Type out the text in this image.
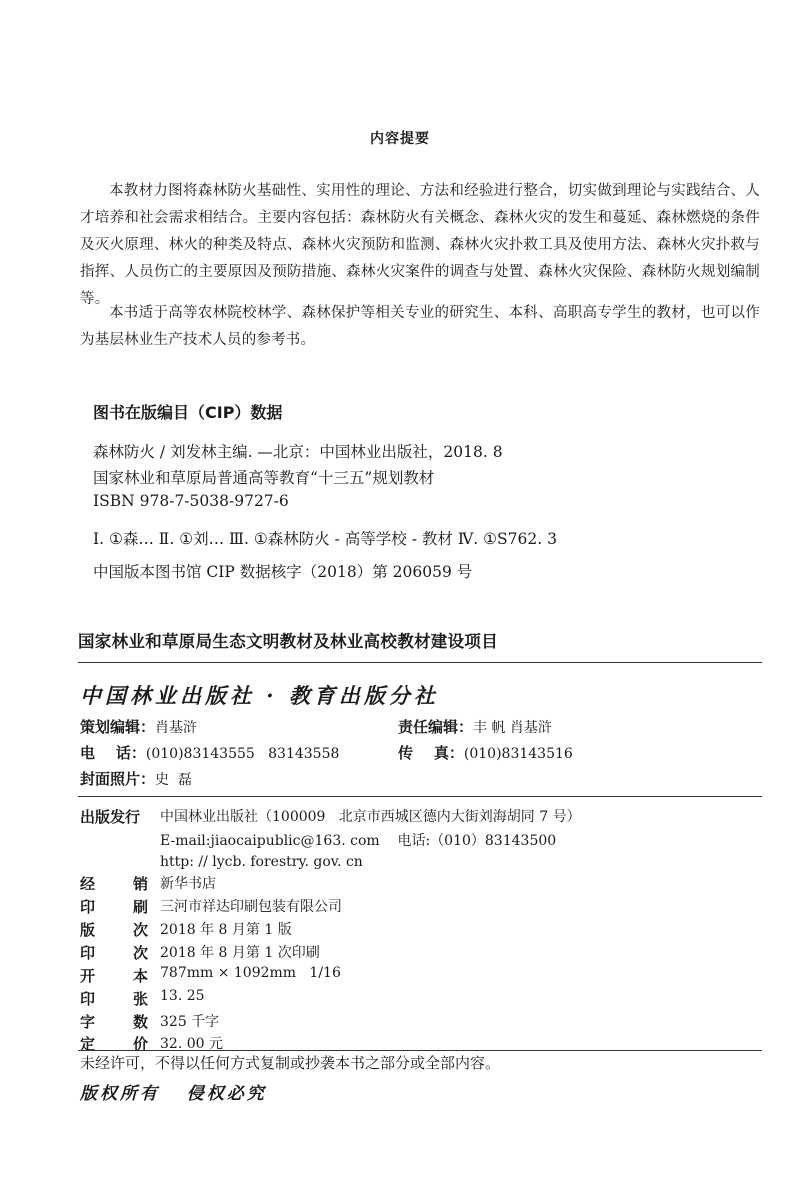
内容提要
本教材力图将森林防火基础性、实用性的理论、方法和经验进行整合，切实做到理论与实践结合、人才培养和社会需求相结合。主要内容包括：森林防火有关概念、森林火灾的发生和蔓延、森林燃烧的条件及灭火原理、林火的种类及特点、森林火灾预防和监测、森林火灾扑救工具及使用方法、森林火灾扑救与指挥、人员伤亡的主要原因及预防措施、森林火灾案件的调查与处置、森林火灾保险、森林防火规划编制等。
本书适于高等农林院校林学、森林保护等相关专业的研究生、本科、高职高专学生的教材，也可以作为基层林业生产技术人员的参考书。
图书在版编目（CIP）数据
森林防火 / 刘发林主编. —北京：中国林业出版社，2018. 8
国家林业和草原局普通高等教育“十三五”规划教材
ISBN 978-7-5038-9727-6
Ⅰ. ①森… Ⅱ. ①刘… Ⅲ. ①森林防火 - 高等学校 - 教材 Ⅳ. ①S762. 3
中国版本图书馆 CIP 数据核字（2018）第 206059 号
国家林业和草原局生态文明教材及林业高校教材建设项目
中国林业出版社 · 教育出版分社
策划编辑：肖基浒	责任编辑：丰 帆 肖基浒
电    话：(010)83143555   83143558	传    真：(010)83143516
封面照片：史  磊
出版发行 中国林业出版社（100009   北京市西城区德内大街刘海胡同 7 号）
E-mail:jiaocaipublic@163. com    电话:（010）83143500
http: // lycb. forestry. gov. cn
经	销 新华书店
印	刷 三河市祥达印刷包装有限公司
版	次 2018 年 8 月第 1 版
印	次 2018 年 8 月第 1 次印刷
开	本 787mm × 1092mm   1/16
印	张 13. 25
字	数 325 千字
定	价 32. 00 元
未经许可，不得以任何方式复制或抄袭本书之部分或全部内容。
版权所有   侵权必究
